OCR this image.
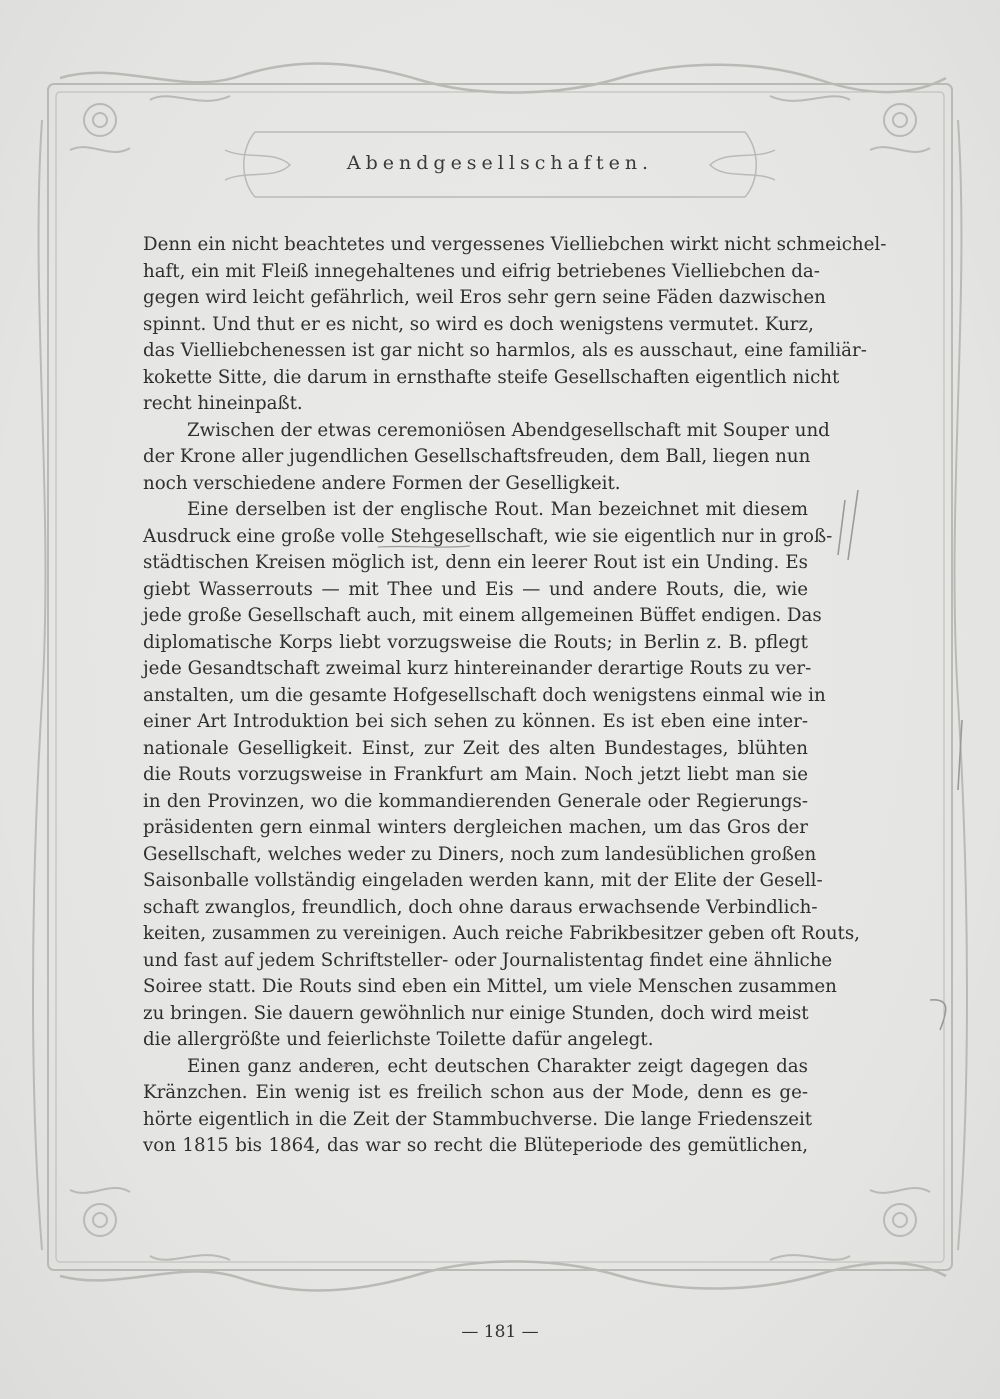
Abendgesellschaften.
Denn ein nicht beachtetes und vergessenes Vielliebchen wirkt nicht schmeichel-
haft, ein mit Fleiß innegehaltenes und eifrig betriebenes Vielliebchen da-
gegen wird leicht gefährlich, weil Eros sehr gern seine Fäden dazwischen
spinnt. Und thut er es nicht, so wird es doch wenigstens vermutet. Kurz,
das Vielliebchenessen ist gar nicht so harmlos, als es ausschaut, eine familiär-
kokette Sitte, die darum in ernsthafte steife Gesellschaften eigentlich nicht
recht hineinpaßt.
Zwischen der etwas ceremoniösen Abendgesellschaft mit Souper und
der Krone aller jugendlichen Gesellschaftsfreuden, dem Ball, liegen nun
noch verschiedene andere Formen der Geselligkeit.
Eine derselben ist der englische Rout. Man bezeichnet mit diesem
Ausdruck eine große volle Stehgesellschaft, wie sie eigentlich nur in groß-
städtischen Kreisen möglich ist, denn ein leerer Rout ist ein Unding. Es
giebt Wasserrouts — mit Thee und Eis — und andere Routs, die, wie
jede große Gesellschaft auch, mit einem allgemeinen Büffet endigen. Das
diplomatische Korps liebt vorzugsweise die Routs; in Berlin z. B. pflegt
jede Gesandtschaft zweimal kurz hintereinander derartige Routs zu ver-
anstalten, um die gesamte Hofgesellschaft doch wenigstens einmal wie in
einer Art Introduktion bei sich sehen zu können. Es ist eben eine inter-
nationale Geselligkeit. Einst, zur Zeit des alten Bundestages, blühten
die Routs vorzugsweise in Frankfurt am Main. Noch jetzt liebt man sie
in den Provinzen, wo die kommandierenden Generale oder Regierungs-
präsidenten gern einmal winters dergleichen machen, um das Gros der
Gesellschaft, welches weder zu Diners, noch zum landesüblichen großen
Saisonballe vollständig eingeladen werden kann, mit der Elite der Gesell-
schaft zwanglos, freundlich, doch ohne daraus erwachsende Verbindlich-
keiten, zusammen zu vereinigen. Auch reiche Fabrikbesitzer geben oft Routs,
und fast auf jedem Schriftsteller- oder Journalistentag findet eine ähnliche
Soiree statt. Die Routs sind eben ein Mittel, um viele Menschen zusammen
zu bringen. Sie dauern gewöhnlich nur einige Stunden, doch wird meist
die allergrößte und feierlichste Toilette dafür angelegt.
Einen ganz anderen, echt deutschen Charakter zeigt dagegen das
Kränzchen. Ein wenig ist es freilich schon aus der Mode, denn es ge-
hörte eigentlich in die Zeit der Stammbuchverse. Die lange Friedenszeit
von 1815 bis 1864, das war so recht die Blüteperiode des gemütlichen,
— 181 —
